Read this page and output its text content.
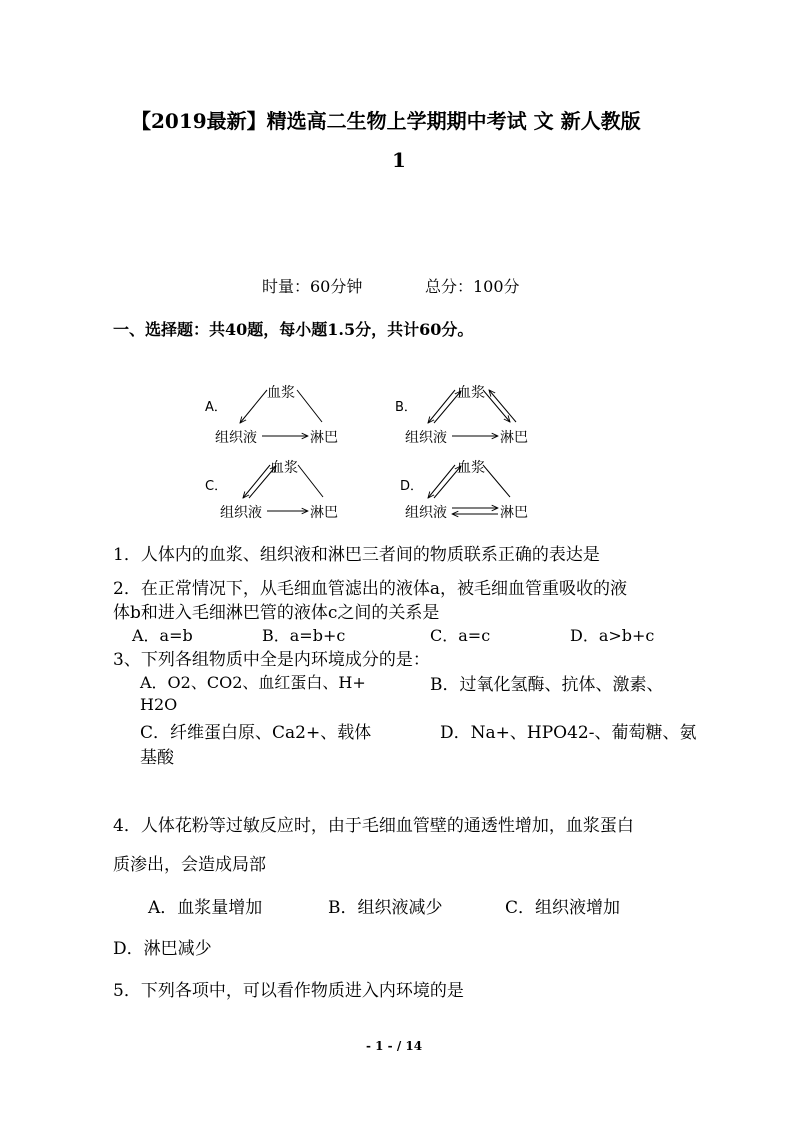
【2019最新】精选高二生物上学期期中考试 文 新人教版
1
时量：60分钟	总分：100分
一、选择题：共40题，每小题1.5分，共计60分。
A．
血浆
组织液	淋巴
B．
血浆
组织液	淋巴
C．
血浆
组织液	淋巴
D．
血浆
组织液	淋巴
1．人体内的血浆、组织液和淋巴三者间的物质联系正确的表达是
2．在正常情况下，从毛细血管滤出的液体a，被毛细血管重吸收的液
体b和进入毛细淋巴管的液体c之间的关系是
A．a=b	B．a=b+c	C．a=c	D．a>b+c
3、下列各组物质中全是内环境成分的是：
A．O2、CO2、血红蛋白、H+	B．过氧化氢酶、抗体、激素、
H2O
C．纤维蛋白原、Ca2+、载体	D．Na+、HPO42-、葡萄糖、氨
基酸
4．人体花粉等过敏反应时，由于毛细血管壁的通透性增加，血浆蛋白
质渗出，会造成局部
A．血浆量增加	B．组织液减少	C．组织液增加
D．淋巴减少
5．下列各项中，可以看作物质进入内环境的是
- 1 - / 14
